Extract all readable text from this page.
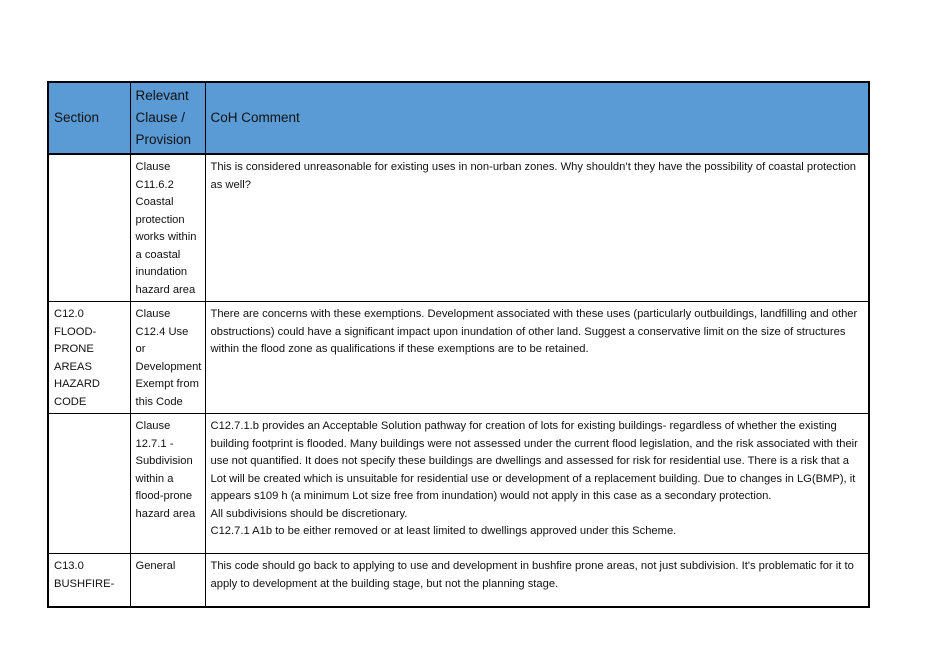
Section	Relevant Clause / Provision	CoH Comment
	Clause C11.6.2 Coastal protection works within a coastal inundation hazard area	This is considered unreasonable for existing uses in non-urban zones. Why shouldn’t they have the possibility of coastal protection as well?

C12.0 FLOOD-PRONE AREAS HAZARD CODE	Clause C12.4 Use or Development Exempt from this Code	There are concerns with these exemptions. Development associated with these uses (particularly outbuildings, landfilling and other obstructions) could have a significant impact upon inundation of other land. Suggest a conservative limit on the size of structures within the flood zone as qualifications if these exemptions are to be retained.

	Clause 12.7.1 - Subdivision within a flood-prone hazard area	C12.7.1.b provides an Acceptable Solution pathway for creation of lots for existing buildings- regardless of whether the existing building footprint is flooded. Many buildings were not assessed under the current flood legislation, and the risk associated with their use not quantified. It does not specify these buildings are dwellings and assessed for risk for residential use. There is a risk that a Lot will be created which is unsuitable for residential use or development of a replacement building. Due to changes in LG(BMP), it appears s109 h (a minimum Lot size free from inundation) would not apply in this case as a secondary protection.
All subdivisions should be discretionary.
C12.7.1 A1b to be either removed or at least limited to dwellings approved under this Scheme.

C13.0 BUSHFIRE-	General	This code should go back to applying to use and development in bushfire prone areas, not just subdivision. It's problematic for it to apply to development at the building stage, but not the planning stage.
